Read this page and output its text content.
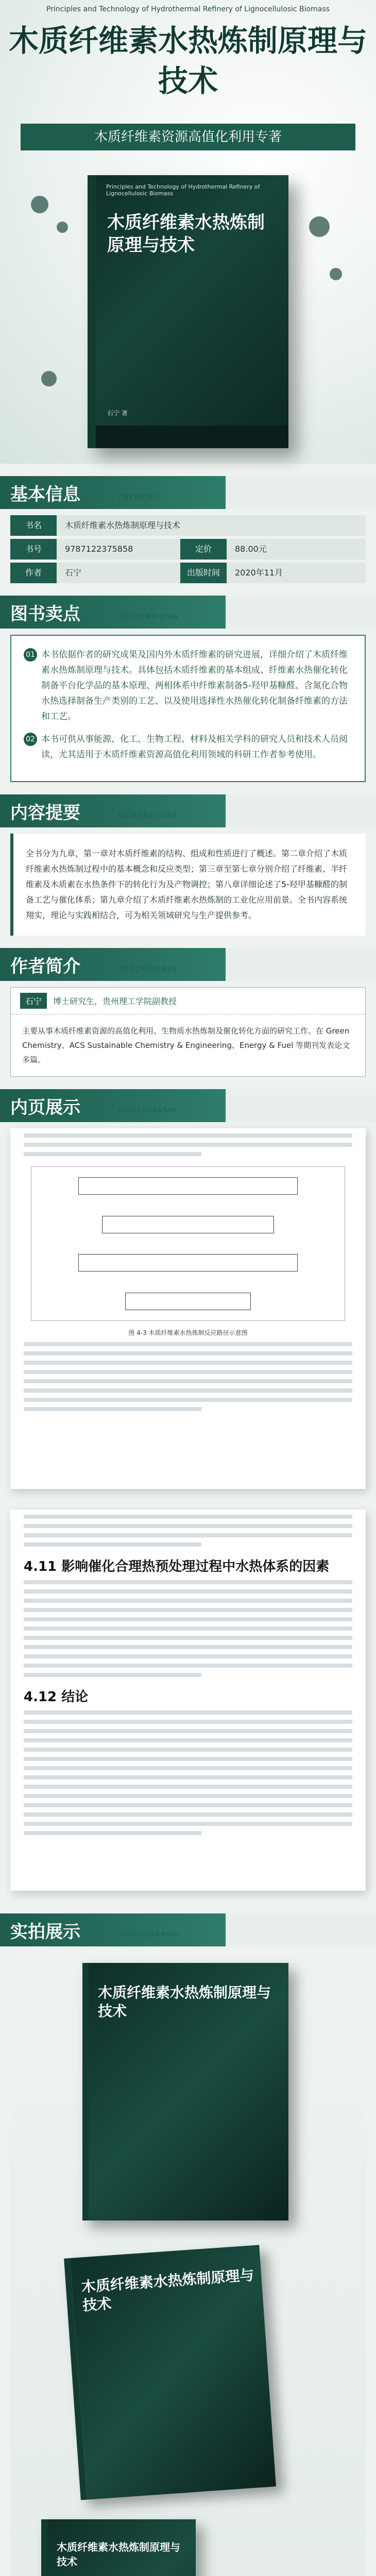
Principles and Technology of Hydrothermal Refinery of Lignocellulosic Biomass
木质纤维素水热炼制原理与技术
木质纤维素资源高值化利用专著
Principles and Technology of Hydrothermal Refinery of Lignocellulosic Biomass
木质纤维素水热炼制原理与技术
石宁 著
基本信息	JIBENXINXI
书名	木质纤维素水热炼制原理与技术
书号	9787122375858	定价	88.00元
作者	石宁	出版时间	2020年11月
图书卖点	TUSHUMAIDIAN

01 本书依据作者的研究成果及国内外木质纤维素的研究进展，详细介绍了木质纤维素水热炼制原理与技术。具体包括木质纤维素的基本组成、纤维素水热催化转化制备平台化学品的基本原理、两相体系中纤维素制备5-羟甲基糠醛、含氮化合物水热选择制备生产类别的工艺、以及使用选择性水热催化转化制备纤维素的方法和工艺。

02 本书可供从事能源、化工、生物工程、材料及相关学科的研究人员和技术人员阅读，尤其适用于木质纤维素资源高值化利用领域的科研工作者参考使用。

内容提要	NEIRONGTIYAO
全书分为九章，第一章对木质纤维素的结构、组成和性质进行了概述。第二章介绍了木质纤维素水热炼制过程中的基本概念和反应类型；第三章至第七章分别介绍了纤维素、半纤维素及木质素在水热条件下的转化行为及产物调控；第八章详细论述了5-羟甲基糠醛的制备工艺与催化体系；第九章介绍了木质纤维素水热炼制的工业化应用前景。全书内容系统翔实，理论与实践相结合，可为相关领域研究与生产提供参考。
作者简介	ZUOZHEJIANJIE
石宁	博士研究生，贵州理工学院副教授
主要从事木质纤维素资源的高值化利用、生物质水热炼制及催化转化方面的研究工作。在 Green Chemistry、ACS Sustainable Chemistry & Engineering、Energy & Fuel 等期刊发表论文多篇。
内页展示	NEIYEZHANSHI
图 4-3 木质纤维素水热炼制反应路径示意图
4.11 影响催化合理热预处理过程中水热体系的因素
4.12 结论
实拍展示	SHIPAIZHANSHI
木质纤维素水热炼制原理与技术
木质纤维素水热炼制原理与技术
木质纤维素水热炼制原理与技术
